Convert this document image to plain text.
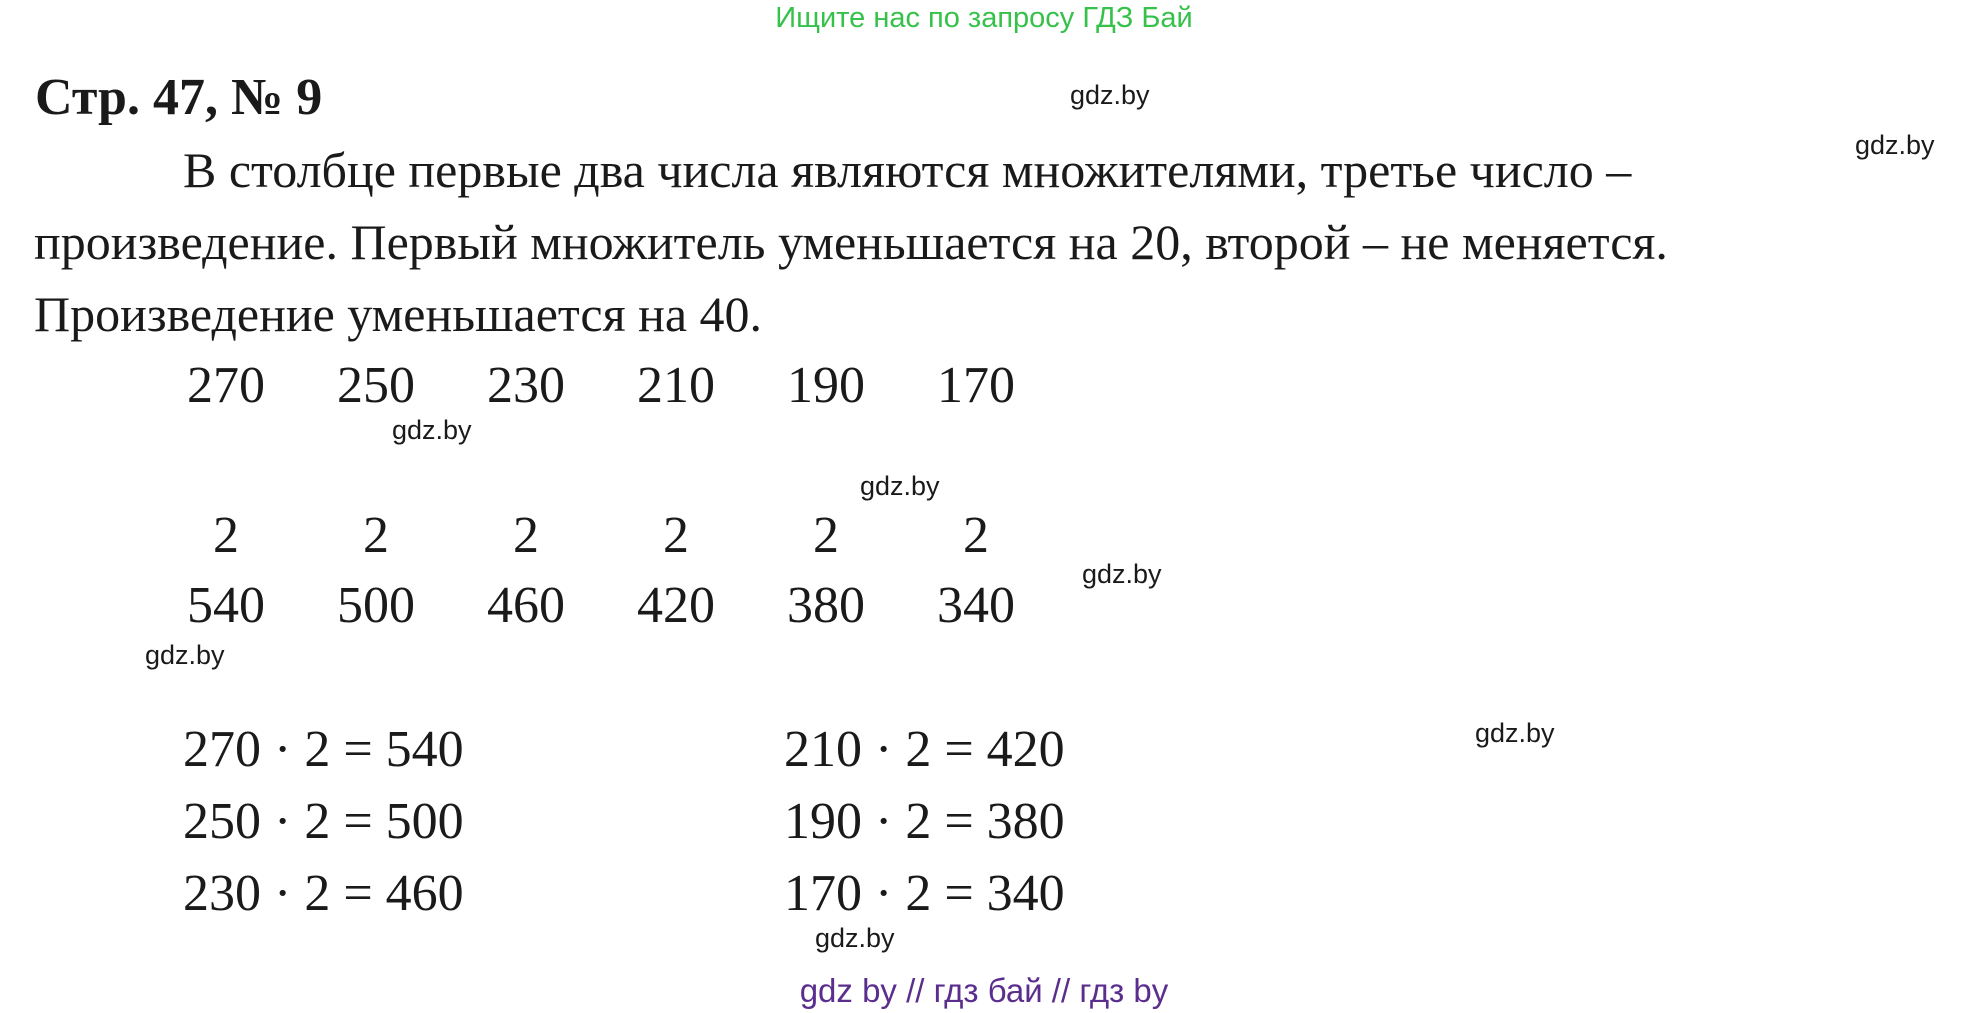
Ищите нас по запросу ГДЗ Бай
Стр. 47, № 9
В столбце первые два числа являются множителями, третье число –
произведение. Первый множитель уменьшается на 20, второй – не меняется.
Произведение уменьшается на 40.
270	250	230	210	190	170
2	2	2	2	2	2
540	500	460	420	380	340
270 · 2 = 540
250 · 2 = 500
230 · 2 = 460
210 · 2 = 420
190 · 2 = 380
170 · 2 = 340
gdz.by
gdz.by
gdz.by
gdz.by
gdz.by
gdz.by
gdz.by
gdz.by
gdz by // гдз бай // гдз by
